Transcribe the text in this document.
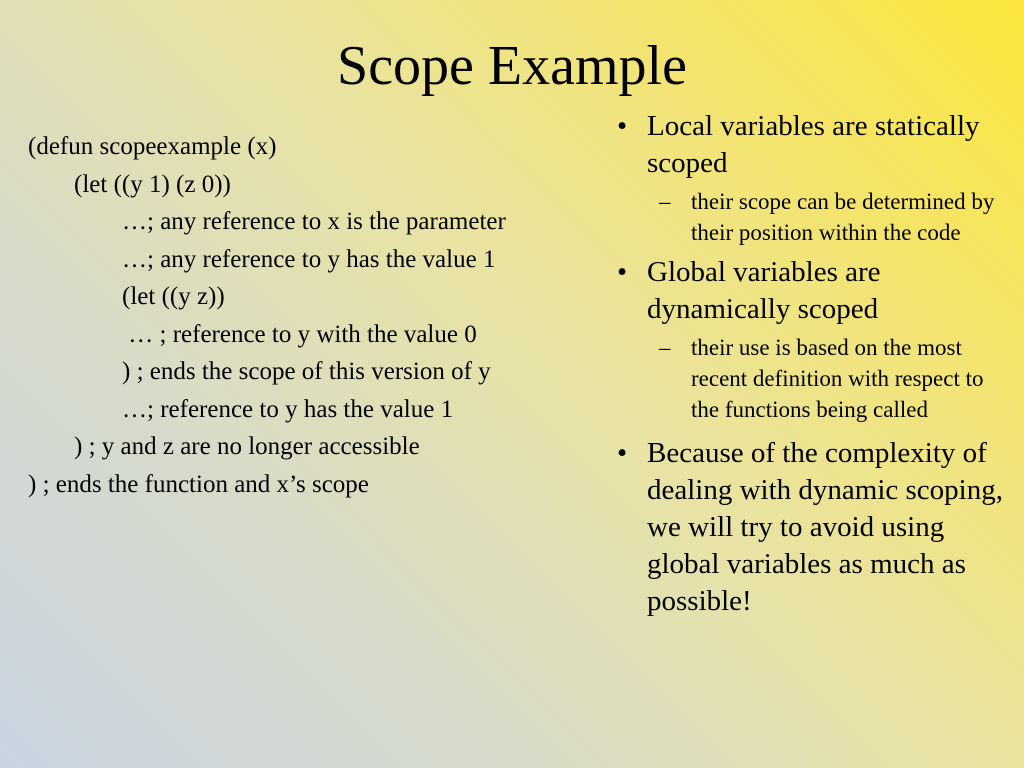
Scope Example
(defun scopeexample (x)
(let ((y 1) (z 0))
…; any reference to x is the parameter
…; any reference to y has the value 1
(let ((y z))
… ; reference to y with the value 0
) ; ends the scope of this version of y
…; reference to y has the value 1
) ; y and z are no longer accessible
) ; ends the function and x’s scope
• Local variables are statically scoped
– their scope can be determined by their position within the code
• Global variables are dynamically scoped
– their use is based on the most recent definition with respect to the functions being called
• Because of the complexity of dealing with dynamic scoping, we will try to avoid using global variables as much as possible!
